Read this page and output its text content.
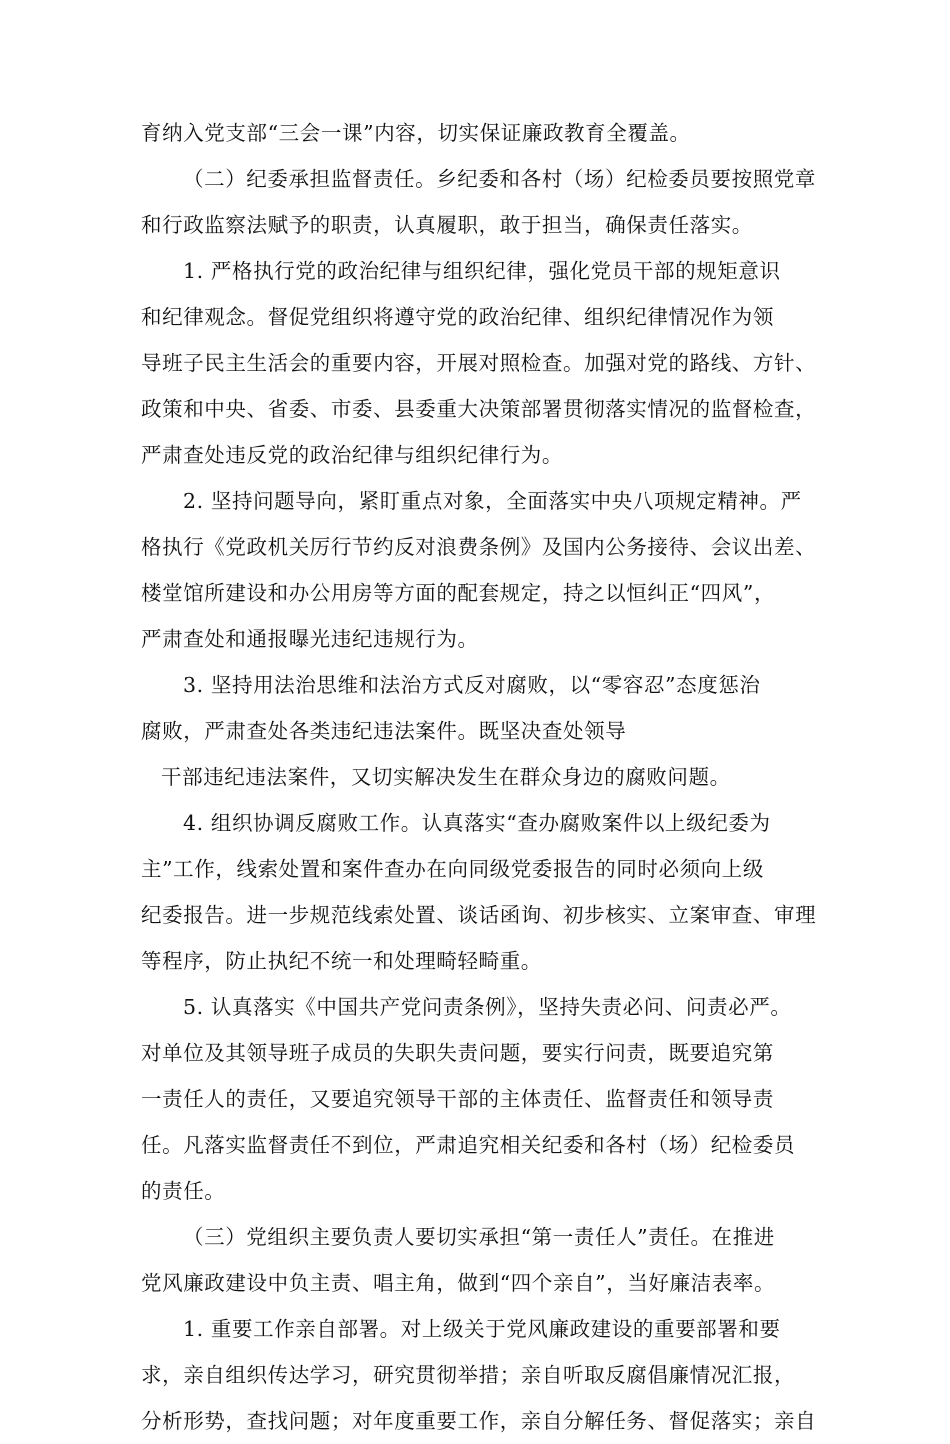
育纳入党支部“三会一课”内容，切实保证廉政教育全覆盖。
（二）纪委承担监督责任。乡纪委和各村（场）纪检委员要按照党章
和行政监察法赋予的职责，认真履职，敢于担当，确保责任落实。
1. 严格执行党的政治纪律与组织纪律，强化党员干部的规矩意识
和纪律观念。督促党组织将遵守党的政治纪律、组织纪律情况作为领
导班子民主生活会的重要内容，开展对照检查。加强对党的路线、方针、
政策和中央、省委、市委、县委重大决策部署贯彻落实情况的监督检查，
严肃查处违反党的政治纪律与组织纪律行为。
2. 坚持问题导向，紧盯重点对象，全面落实中央八项规定精神。严
格执行《党政机关厉行节约反对浪费条例》及国内公务接待、会议出差、
楼堂馆所建设和办公用房等方面的配套规定，持之以恒纠正“四风”，
严肃查处和通报曝光违纪违规行为。
3. 坚持用法治思维和法治方式反对腐败，以“零容忍”态度惩治
腐败，严肃查处各类违纪违法案件。既坚决查处领导
干部违纪违法案件，又切实解决发生在群众身边的腐败问题。
4. 组织协调反腐败工作。认真落实“查办腐败案件以上级纪委为
主”工作，线索处置和案件查办在向同级党委报告的同时必须向上级
纪委报告。进一步规范线索处置、谈话函询、初步核实、立案审查、审理
等程序，防止执纪不统一和处理畸轻畸重。
5. 认真落实《中国共产党问责条例》，坚持失责必问、问责必严。
对单位及其领导班子成员的失职失责问题，要实行问责，既要追究第
一责任人的责任，又要追究领导干部的主体责任、监督责任和领导责
任。凡落实监督责任不到位，严肃追究相关纪委和各村（场）纪检委员
的责任。
（三）党组织主要负责人要切实承担“第一责任人”责任。在推进
党风廉政建设中负主责、唱主角，做到“四个亲自”，当好廉洁表率。
1. 重要工作亲自部署。对上级关于党风廉政建设的重要部署和要
求，亲自组织传达学习，研究贯彻举措；亲自听取反腐倡廉情况汇报，
分析形势，查找问题；对年度重要工作，亲自分解任务、督促落实；亲自
